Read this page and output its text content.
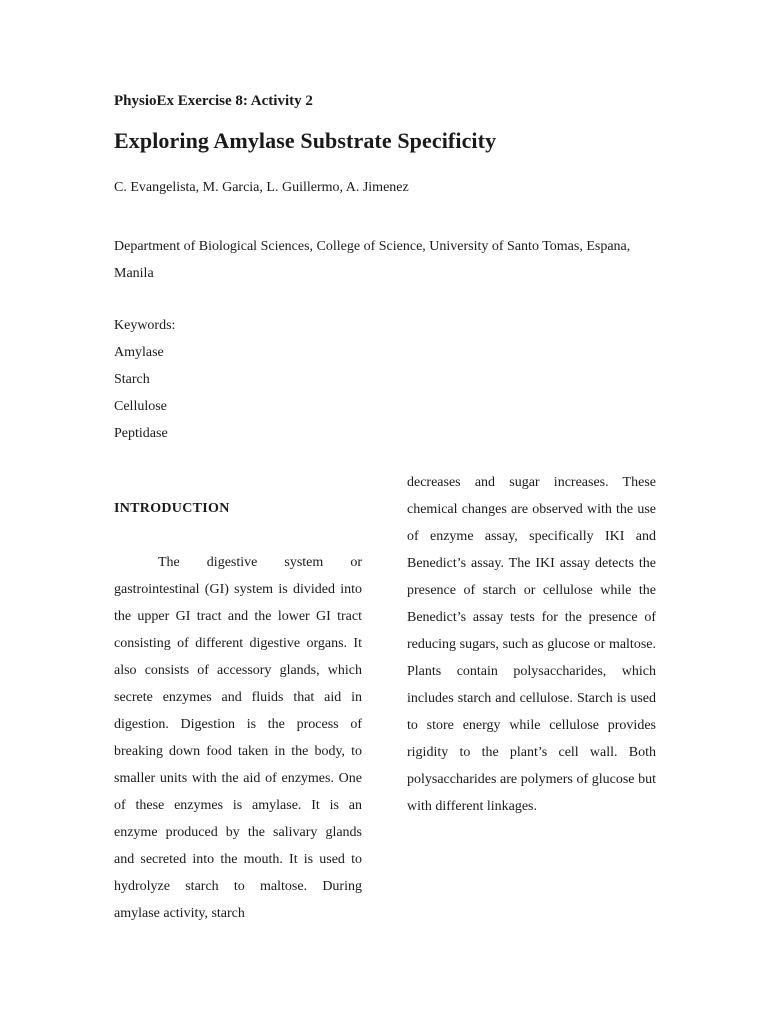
PhysioEx Exercise 8: Activity 2
Exploring Amylase Substrate Specificity
C. Evangelista, M. Garcia, L. Guillermo, A. Jimenez
Department of Biological Sciences, College of Science, University of Santo Tomas, Espana, Manila
Keywords:
Amylase
Starch
Cellulose
Peptidase
INTRODUCTION

The digestive system or gastrointestinal (GI) system is divided into the upper GI tract and the lower GI tract consisting of different digestive organs. It also consists of accessory glands, which secrete enzymes and fluids that aid in digestion. Digestion is the process of breaking down food taken in the body, to smaller units with the aid of enzymes. One of these enzymes is amylase. It is an enzyme produced by the salivary glands and secreted into the mouth. It is used to hydrolyze starch to maltose. During amylase activity, starch

decreases and sugar increases. These chemical changes are observed with the use of enzyme assay, specifically IKI and Benedict’s assay. The IKI assay detects the presence of starch or cellulose while the Benedict’s assay tests for the presence of reducing sugars, such as glucose or maltose. Plants contain polysaccharides, which includes starch and cellulose. Starch is used to store energy while cellulose provides rigidity to the plant’s cell wall. Both polysaccharides are polymers of glucose but with different linkages.
